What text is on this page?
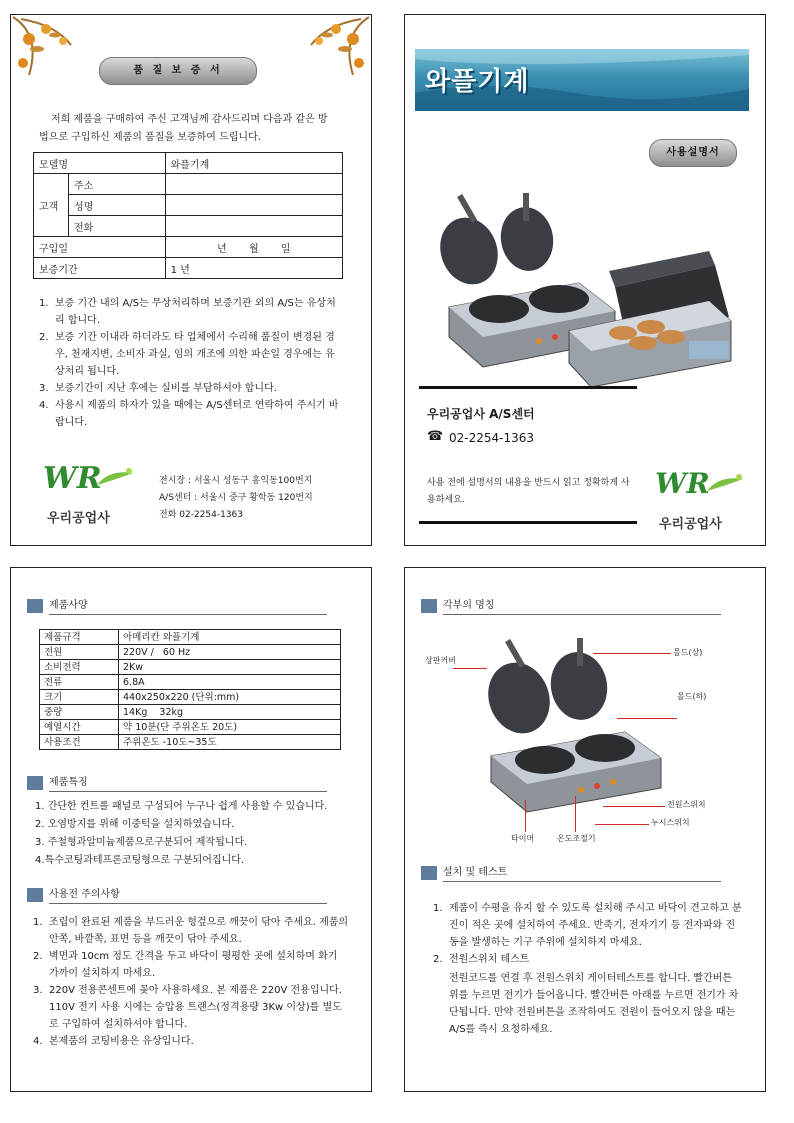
품 질 보 증 서
저희 제품을 구매하여 주신 고객님께 감사드리며 다음과 같은 방법으로 구입하신 제품의 품질을 보증하여 드립니다.
모델명		와플기계
고객	주소	
	성명	
	전화	
구입일		년       월       일
보증기간		1 년
1. 보증 기간 내의 A/S는 무상처리하며 보증기관 외의 A/S는 유상처리 합니다.
2. 보증 기간 이내라 하더라도 타 업체에서 수리해 품질이 변경된 경우, 천재지변, 소비자 과실, 임의 개조에 의한 파손일 경우에는 유상처리 됩니다.
3. 보증기간이 지난 후에는 실비를 부담하셔야 합니다.
4. 사용시 제품의 하자가 있을 때에는 A/S센터로 연락하여 주시기 바랍니다.
WR
우리공업사
전시장 : 서울시 성동구 홍익동100번지
A/S센터 : 서울시 중구 황학동 120번지
전화 02-2254-1363
와플기계
사용설명서
우리공업사 A/S센터
☎ 02-2254-1363
사용 전에 설명서의 내용을 반드시 읽고 정확하게 사용하세요.	WR
우리공업사
제품사양
제품규격	아메리칸 와플기계
전원	220V /   60 Hz
소비전력	2Kw
전류	6.8A
크기	440x250x220 (단위:mm)
중량	14Kg    32kg
예열시간	약 10분(단 주위온도 20도)
사용조건	주위온도 -10도~35도
제품특징
1. 간단한 컨트롤 패널로 구성되어 누구나 쉽게 사용할 수 있습니다.
2. 오염방지를 위해 이중턱을 설치하였습니다.
3. 주철형과알미늄제품으로구분되어 제작됩니다.
4.특수코팅과테프론코팅형으로 구분되어집니다.
사용전 주의사항
1. 조립이 완료된 제품을 부드러운 헝겊으로 깨끗이 닦아 주세요. 제품의 안쪽, 바깥쪽, 표면 등을 깨끗이 닦아 주세요.
2. 벽면과 10cm 정도 간격을 두고 바닥이 평평한 곳에 설치하며 화기 가까이 설치하지 마세요.
3. 220V 전용콘센트에 꽂아 사용하세요. 본 제품은 220V 전용입니다. 110V 전기 사용 시에는 승압용 트랜스(정격용량 3Kw 이상)를 별도로 구입하여 설치하셔야 합니다.
4. 본제품의 코팅비용은 유상입니다.
각부의 명칭
상판커버
몰드(상)
몰드(하)
전원스위치
누시스위치
타이머	온도조절기
설치 및 테스트
1. 제품이 수평을 유지 할 수 있도록 설치해 주시고 바닥이 견고하고 분진이 적은 곳에 설치하여 주세요. 반죽기, 전자기기 등 전자파와 진동을 발생하는 기구 주위에 설치하지 마세요.
2. 전원스위치 테스트
전원코드를 연결 후 전원스위치 게이터테스트를 합니다. 빨간버튼 위를 누르면 전기가 들어옵니다. 빨간버튼 아래를 누르면 전기가 차단됩니다. 만약 전원버튼을 조작하여도 전원이 들어오지 않을 때는 A/S를 즉시 요청하세요.
